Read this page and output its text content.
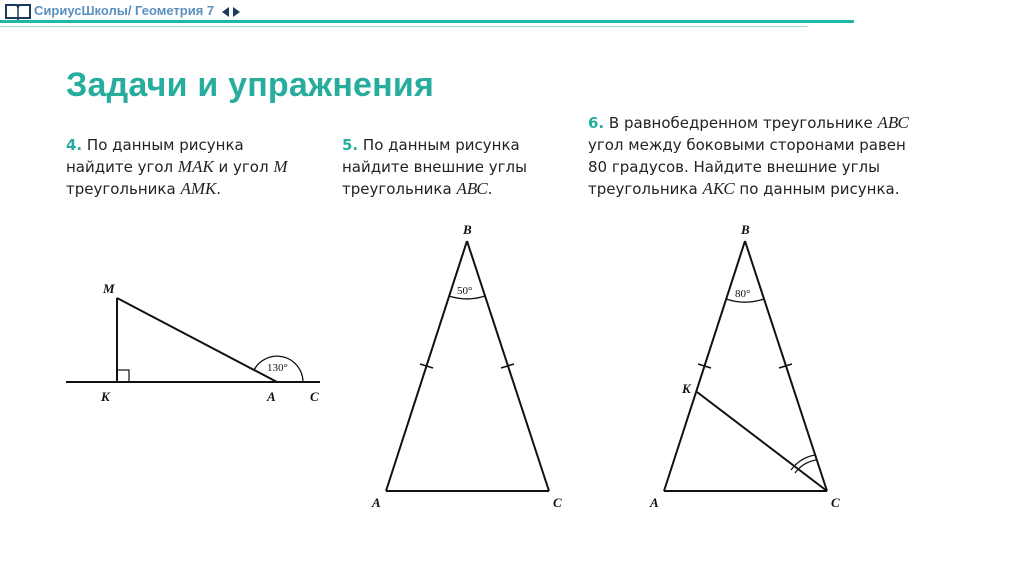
СириусШколы/ Геометрия 7
Задачи и упражнения
4. По данным рисунка
найдите угол МАК и угол М
треугольника АМК.
5. По данным рисунка
найдите внешние углы
треугольника АВС.
6. В равнобедренном треугольнике АВС
угол между боковыми сторонами равен
80 градусов. Найдите внешние углы
треугольника АКС по данным рисунка.
M
K	A	C
130°
B
A	C
50°
B
K
A	C
80°
